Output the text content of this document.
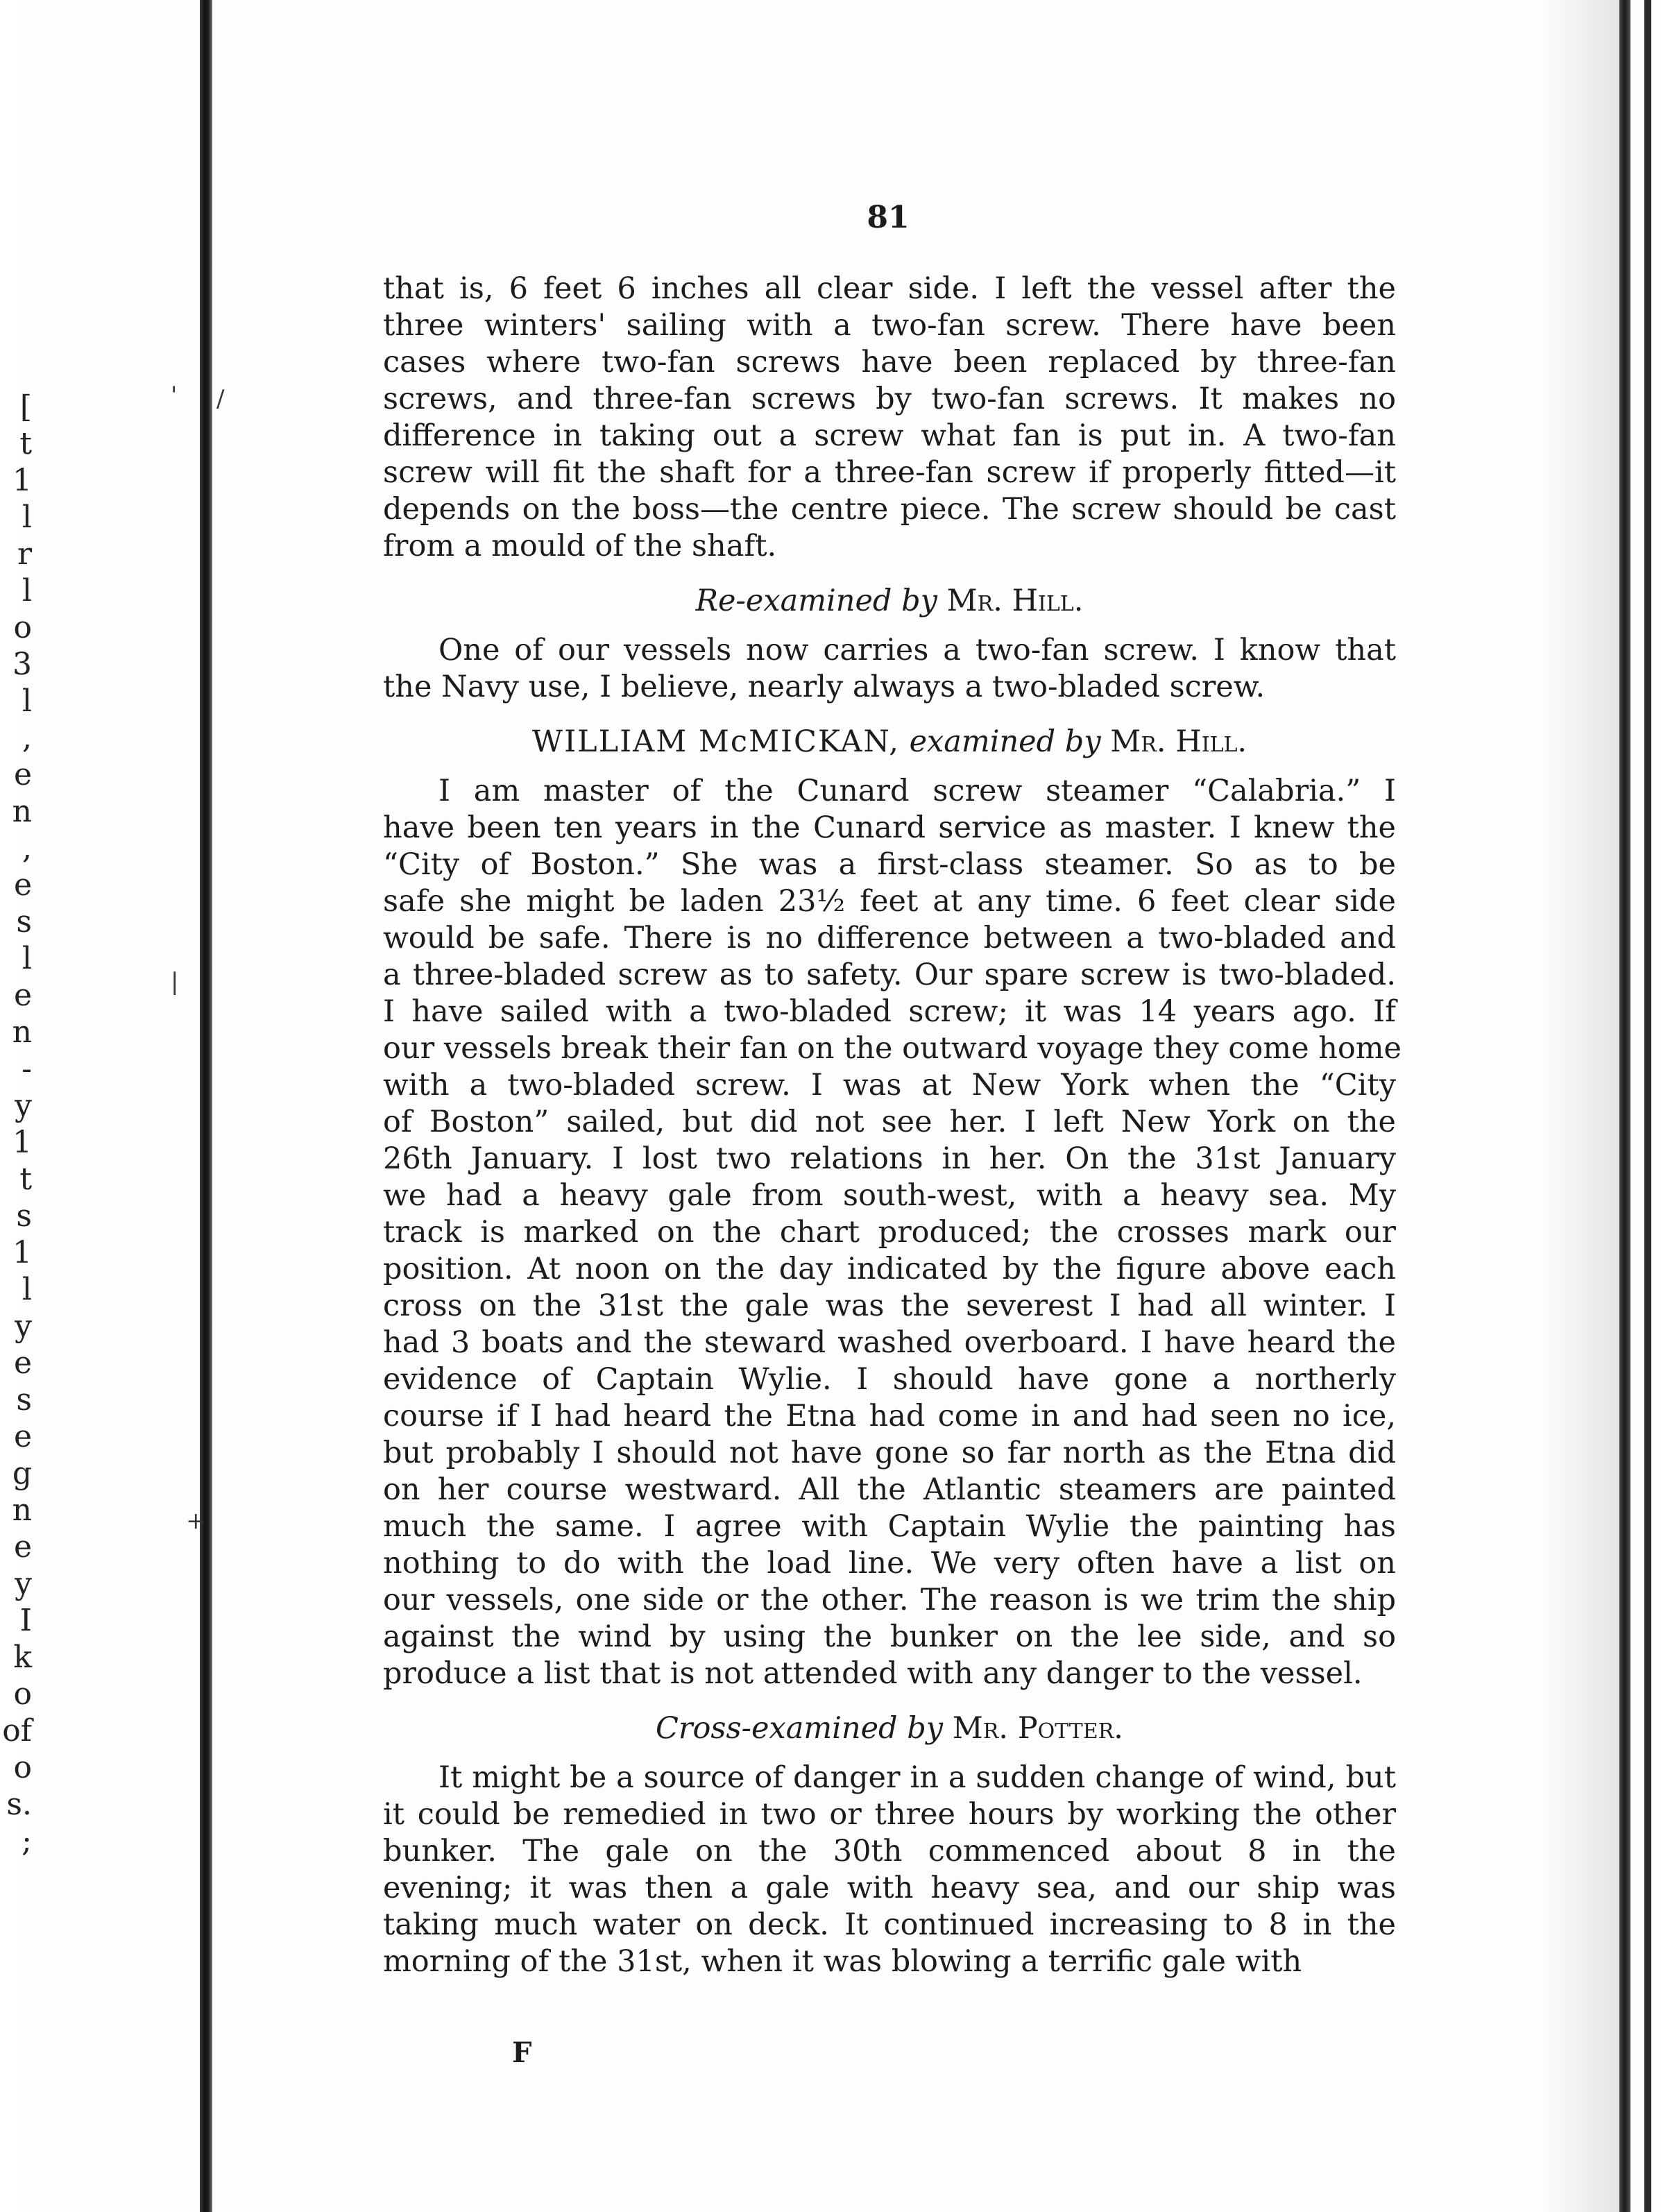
[
t
1
l
r
l
o
3
l
,
e
n
,
e
s
l
e
n
-
y
1
t
s
1
l
y
e
s
e
g
n
e
y
I
k
o
of
o
s.
;
' /
|
+
81
that is, 6 feet 6 inches all clear side. I left the vessel after the
three winters' sailing with a two-fan screw. There have been
cases where two-fan screws have been replaced by three-fan
screws, and three-fan screws by two-fan screws. It makes no
difference in taking out a screw what fan is put in. A two-fan
screw will fit the shaft for a three-fan screw if properly fitted—it
depends on the boss—the centre piece. The screw should be cast
from a mould of the shaft.
Re-examined by Mr. Hill.
One of our vessels now carries a two-fan screw. I know that
the Navy use, I believe, nearly always a two-bladed screw.
WILLIAM McMICKAN, examined by Mr. Hill.
I am master of the Cunard screw steamer “Calabria.” I
have been ten years in the Cunard service as master. I knew the
“City of Boston.” She was a first-class steamer. So as to be
safe she might be laden 23½ feet at any time. 6 feet clear side
would be safe. There is no difference between a two-bladed and
a three-bladed screw as to safety. Our spare screw is two-bladed.
I have sailed with a two-bladed screw; it was 14 years ago. If
our vessels break their fan on the outward voyage they come home
with a two-bladed screw. I was at New York when the “City
of Boston” sailed, but did not see her. I left New York on the
26th January. I lost two relations in her. On the 31st January
we had a heavy gale from south-west, with a heavy sea. My
track is marked on the chart produced; the crosses mark our
position. At noon on the day indicated by the figure above each
cross on the 31st the gale was the severest I had all winter. I
had 3 boats and the steward washed overboard. I have heard the
evidence of Captain Wylie. I should have gone a northerly
course if I had heard the Etna had come in and had seen no ice,
but probably I should not have gone so far north as the Etna did
on her course westward. All the Atlantic steamers are painted
much the same. I agree with Captain Wylie the painting has
nothing to do with the load line. We very often have a list on
our vessels, one side or the other. The reason is we trim the ship
against the wind by using the bunker on the lee side, and so
produce a list that is not attended with any danger to the vessel.
Cross-examined by Mr. Potter.
It might be a source of danger in a sudden change of wind, but
it could be remedied in two or three hours by working the other
bunker. The gale on the 30th commenced about 8 in the
evening; it was then a gale with heavy sea, and our ship was
taking much water on deck. It continued increasing to 8 in the
morning of the 31st, when it was blowing a terrific gale with
F
